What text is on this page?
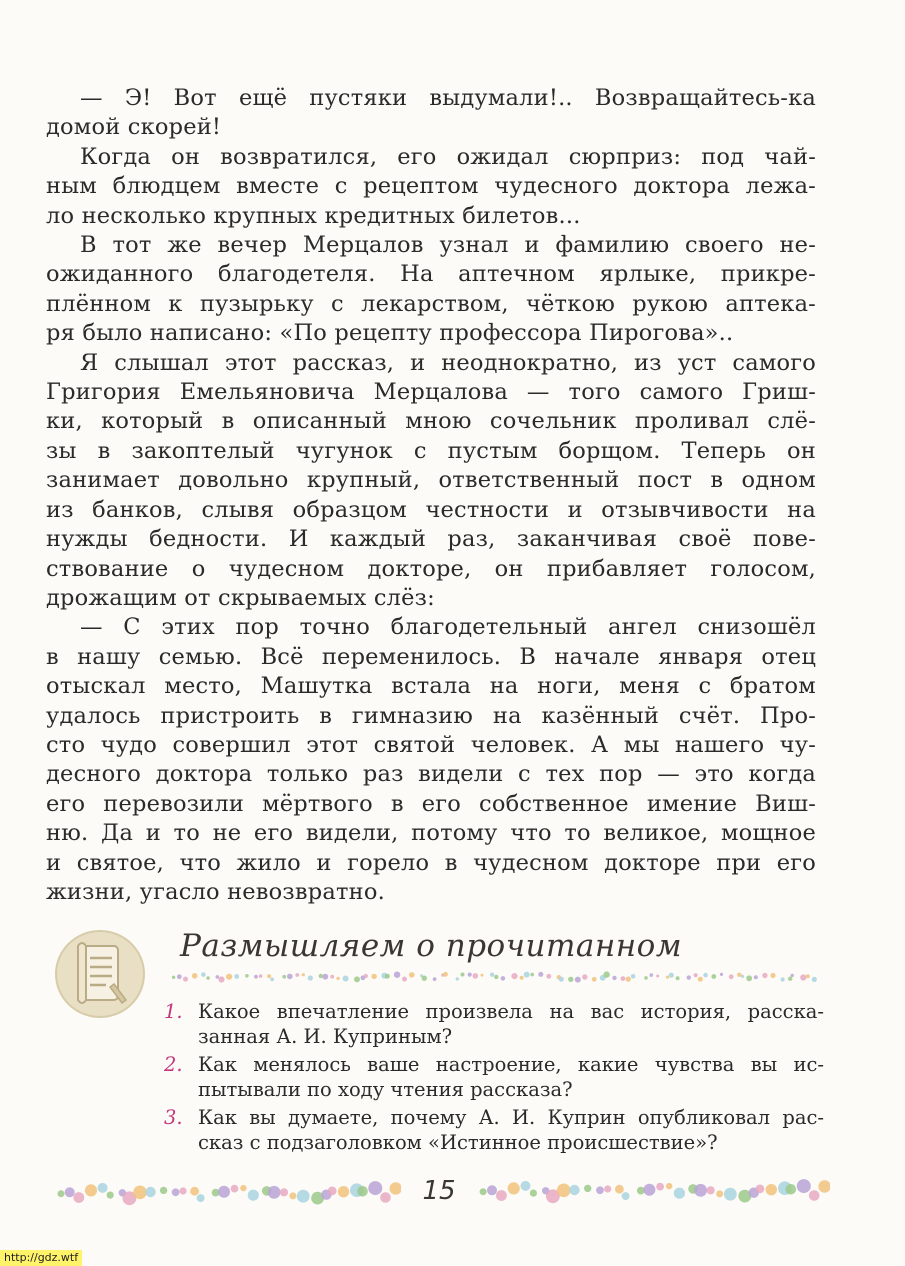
— Э! Вот ещё пустяки выдумали!.. Возвращайтесь-ка
домой скорей!
Когда он возвратился, его ожидал сюрприз: под чай-
ным блюдцем вместе с рецептом чудесного доктора лежа-
ло несколько крупных кредитных билетов...
В тот же вечер Мерцалов узнал и фамилию своего не-
ожиданного благодетеля. На аптечном ярлыке, прикре-
плённом к пузырьку с лекарством, чёткою рукою аптека-
ря было написано: «По рецепту профессора Пирогова»..
Я слышал этот рассказ, и неоднократно, из уст самого
Григория Емельяновича Мерцалова — того самого Гриш-
ки, который в описанный мною сочельник проливал слё-
зы в закоптелый чугунок с пустым борщом. Теперь он
занимает довольно крупный, ответственный пост в одном
из банков, слывя образцом честности и отзывчивости на
нужды бедности. И каждый раз, заканчивая своё пове-
ствование о чудесном докторе, он прибавляет голосом,
дрожащим от скрываемых слёз:
— С этих пор точно благодетельный ангел снизошёл
в нашу семью. Всё переменилось. В начале января отец
отыскал место, Машутка встала на ноги, меня с братом
удалось пристроить в гимназию на казённый счёт. Про-
сто чудо совершил этот святой человек. А мы нашего чу-
десного доктора только раз видели с тех пор — это когда
его перевозили мёртвого в его собственное имение Виш-
ню. Да и то не его видели, потому что то великое, мощное
и святое, что жило и горело в чудесном докторе при его
жизни, угасло невозвратно.
Размышляем о прочитанном
1. Какое впечатление произвела на вас история, расска-
занная А. И. Куприным?
2. Как менялось ваше настроение, какие чувства вы ис-
пытывали по ходу чтения рассказа?
3. Как вы думаете, почему А. И. Куприн опубликовал рас-
сказ с подзаголовком «Истинное происшествие»?
15
http://gdz.wtf
